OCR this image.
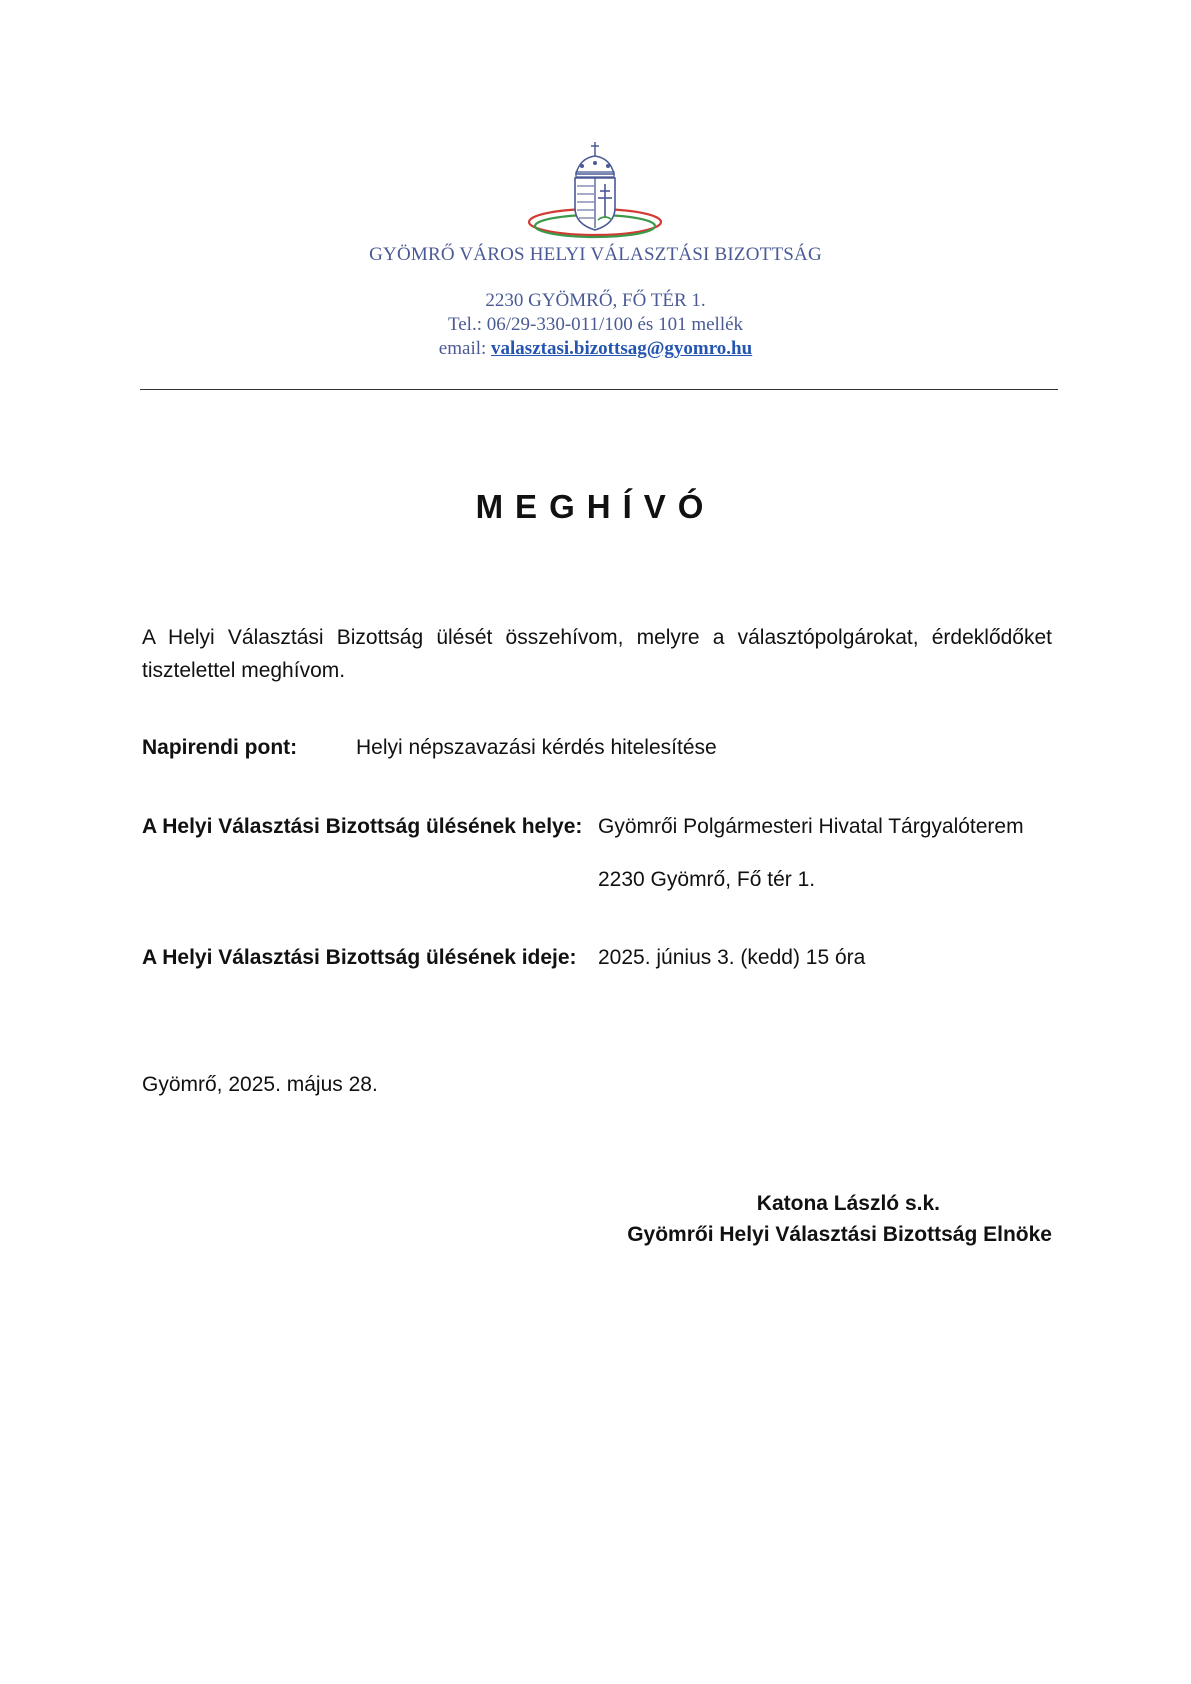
GYÖMRŐ VÁROS HELYI VÁLASZTÁSI BIZOTTSÁG
2230 GYÖMRŐ, FŐ TÉR 1.
Tel.: 06/29-330-011/100 és 101 mellék
email: valasztasi.bizottsag@gyomro.hu
MEGHÍVÓ
A Helyi Választási Bizottság ülését összehívom, melyre a választópolgárokat, érdeklődőket tisztelettel meghívom.
Napirendi pont:	Helyi népszavazási kérdés hitelesítése
A Helyi Választási Bizottság ülésének helye: Gyömrői Polgármesteri Hivatal Tárgyalóterem
2230 Gyömrő, Fő tér 1.
A Helyi Választási Bizottság ülésének ideje: 2025. június 3. (kedd) 15 óra
Gyömrő, 2025. május 28.
Katona László s.k.
Gyömrői Helyi Választási Bizottság Elnöke
